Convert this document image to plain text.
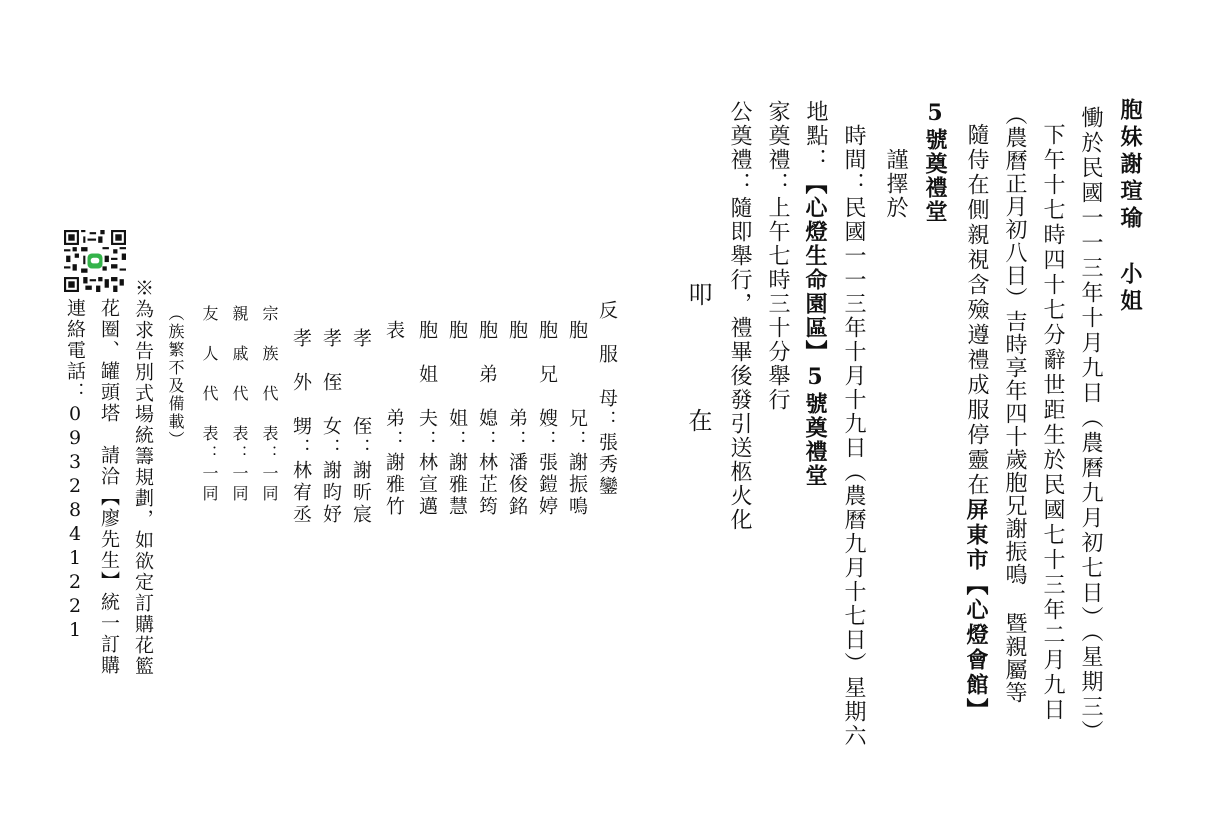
胞妹謝瑄瑜
小姐
慟於民國一一三年十月九日（農曆九月初七日）（星期三）
下午十七時四十七分辭世距生於民國七十三年二月九日
（農曆正月初八日）吉時享年四十歲胞兄謝振鳴 暨親屬等
隨侍在側親視含殮遵禮成服停靈在屏東市【心燈會館】
5號奠禮堂
謹擇於
時間：民國一一三年十月十九日（農曆九月十七日）星期六
地點：【心燈生命園區】5號奠禮堂
家奠禮：上午七時三十分舉行
公奠禮：隨即舉行，禮畢後發引送柩火化
叩
在
反　服　母：張秀鑾
胞　　　兄：謝振鳴
胞　兄　嫂：張鎧婷
胞　　　弟：潘俊銘
胞　弟　媳：林芷筠
胞　　　姐：謝雅慧
胞　姐　夫：林宣邁
表　　　弟：謝雅竹
孝　　　侄：謝昕宸
孝　侄　女：謝昀妤
孝　外　甥：林宥丞
宗　族　代　表：一同
親　戚　代　表：一同
友　人　代　表：一同
（族繁不及備載）
※為求告別式場統籌規劃，如欲定訂購花籃
花圈、罐頭塔　請洽【廖先生】統一訂購
連絡電話：0932841221
